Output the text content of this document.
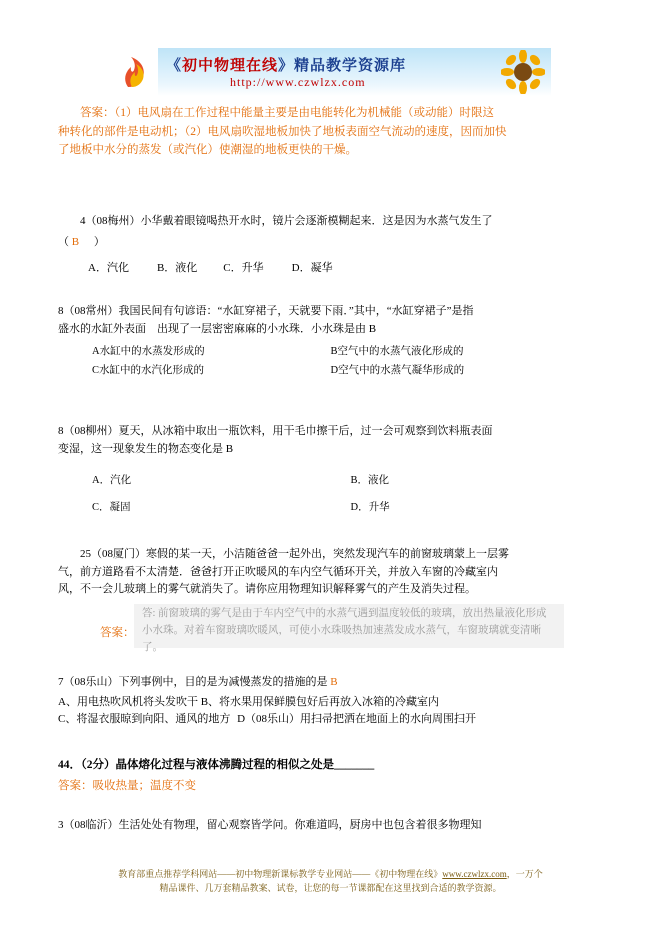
《初中物理在线》精品教学资源库
http://www.czwlzx.com
答案：（1）电风扇在工作过程中能量主要是由电能转化为机械能（或动能）时限这
种转化的部件是电动机；（2）电风扇吹湿地板加快了地板表面空气流动的速度，因而加快
了地板中水分的蒸发（或汽化）使潮湿的地板更快的干燥。
4（08梅州）小华戴着眼镜喝热开水时，镜片会逐渐模糊起来．这是因为水蒸气发生了
（ B ）
A．汽化	B．液化 C．升华	D．凝华
8（08常州）我国民间有句谚语：“水缸穿裙子，天就要下雨．”其中，“水缸穿裙子”是指
盛水的水缸外表面　出现了一层密密麻麻的小水珠．小水珠是由 B
A水缸中的水蒸发形成的	B空气中的水蒸气液化形成的
C水缸中的水汽化形成的	D空气中的水蒸气凝华形成的
8（08柳州）夏天，从冰箱中取出一瓶饮料，用干毛巾擦干后，过一会可观察到饮料瓶表面
变湿，这一现象发生的物态变化是 B
A．汽化	B．液化
C．凝固	D．升华
25（08厦门）寒假的某一天，小洁随爸爸一起外出，突然发现汽车的前窗玻璃蒙上一层雾
气，前方道路看不太清楚．爸爸打开正吹暖风的车内空气循环开关，并放入车窗的冷藏室内
风，不一会儿玻璃上的雾气就消失了。请你应用物理知识解释雾气的产生及消失过程。
答案：
答: 前窗玻璃的雾气是由于车内空气中的水蒸气遇到温度较低的玻璃，放出热量液化形成
小水珠。对着车窗玻璃吹暖风，可使小水珠吸热加速蒸发成水蒸气，车窗玻璃就变清晰了。
7（08乐山）下列事例中，目的是为减慢蒸发的措施的是 B
A、用电热吹风机将头发吹干 B、将水果用保鲜膜包好后再放入冰箱的冷藏室内
C、将湿衣服晾到向阳、通风的地方 D（08乐山）用扫帚把洒在地面上的水向周围扫开
44．（2分）晶体熔化过程与液体沸腾过程的相似之处是_______
答案：吸收热量；温度不变
3（08临沂）生活处处有物理，留心观察皆学问。你难道吗，厨房中也包含着很多物理知
教育部重点推荐学科网站——初中物理新课标教学专业网站——《初中物理在线》www.czwlzx.com，一万个
精品课件、几万套精品教案、试卷，让您的每一节课都配在这里找到合适的教学资源。
